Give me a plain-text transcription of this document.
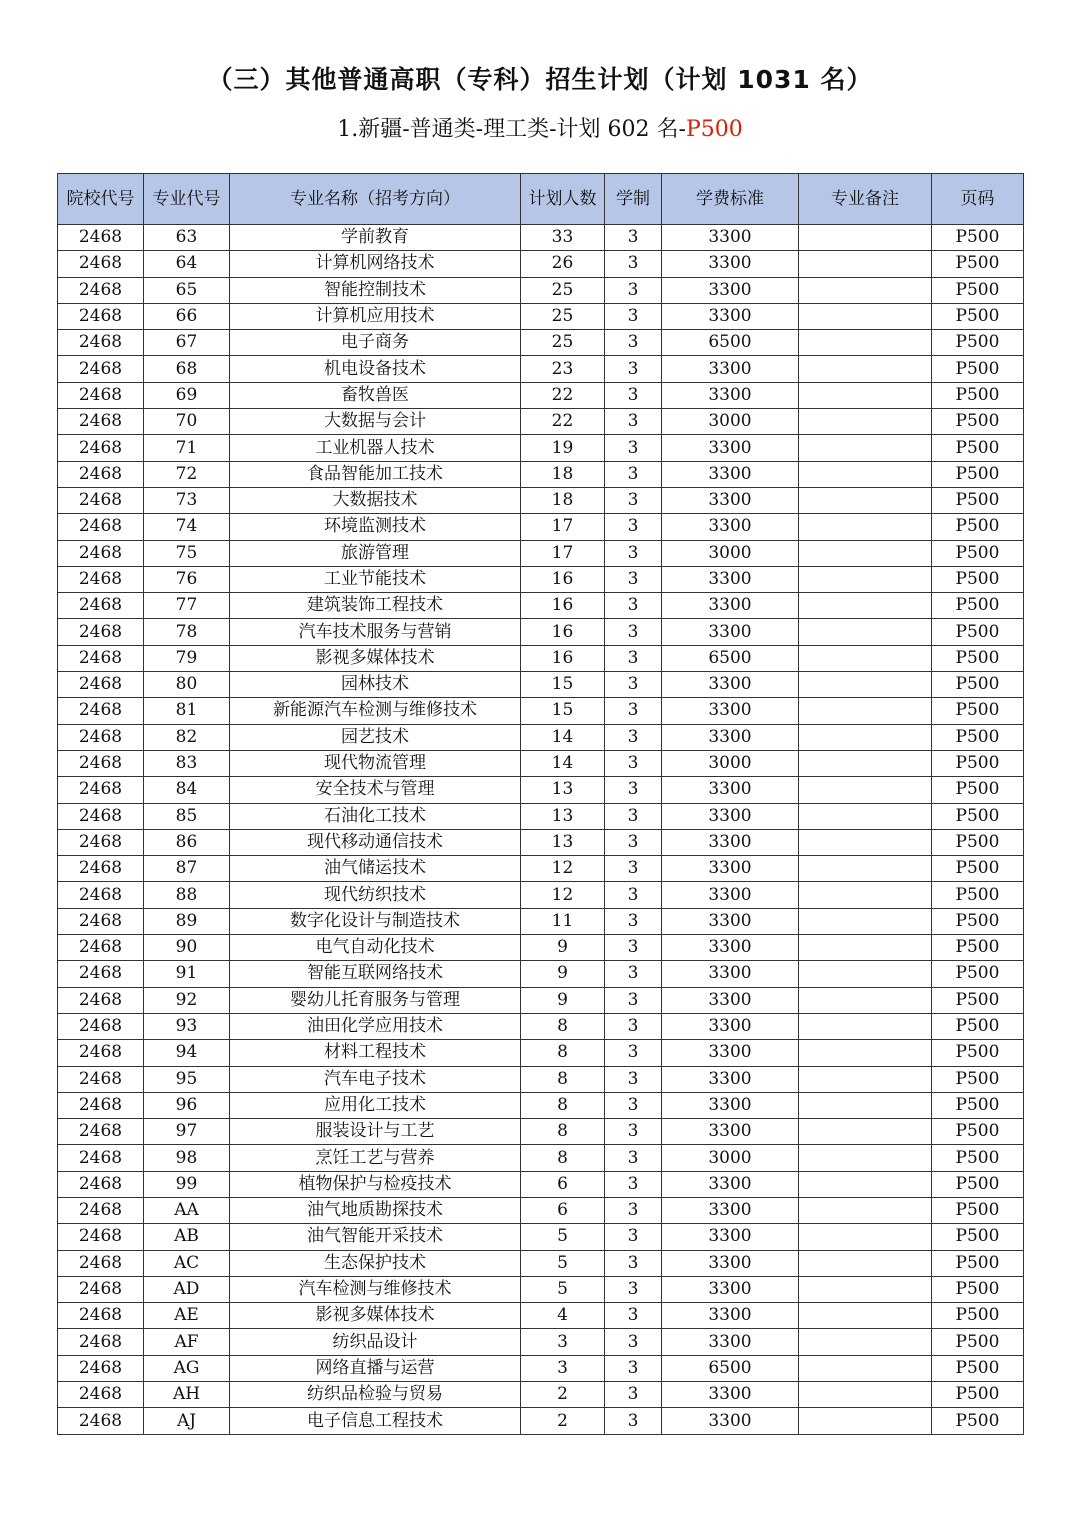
（三）其他普通高职（专科）招生计划（计划 1031 名）
1.新疆-普通类-理工类-计划 602 名-P500
院校代号	专业代号	专业名称（招考方向）	计划人数	学制	学费标准	专业备注	页码
2468	63	学前教育	33	3	3300		P500
2468	64	计算机网络技术	26	3	3300		P500
2468	65	智能控制技术	25	3	3300		P500
2468	66	计算机应用技术	25	3	3300		P500
2468	67	电子商务	25	3	6500		P500
2468	68	机电设备技术	23	3	3300		P500
2468	69	畜牧兽医	22	3	3300		P500
2468	70	大数据与会计	22	3	3000		P500
2468	71	工业机器人技术	19	3	3300		P500
2468	72	食品智能加工技术	18	3	3300		P500
2468	73	大数据技术	18	3	3300		P500
2468	74	环境监测技术	17	3	3300		P500
2468	75	旅游管理	17	3	3000		P500
2468	76	工业节能技术	16	3	3300		P500
2468	77	建筑装饰工程技术	16	3	3300		P500
2468	78	汽车技术服务与营销	16	3	3300		P500
2468	79	影视多媒体技术	16	3	6500		P500
2468	80	园林技术	15	3	3300		P500
2468	81	新能源汽车检测与维修技术	15	3	3300		P500
2468	82	园艺技术	14	3	3300		P500
2468	83	现代物流管理	14	3	3000		P500
2468	84	安全技术与管理	13	3	3300		P500
2468	85	石油化工技术	13	3	3300		P500
2468	86	现代移动通信技术	13	3	3300		P500
2468	87	油气储运技术	12	3	3300		P500
2468	88	现代纺织技术	12	3	3300		P500
2468	89	数字化设计与制造技术	11	3	3300		P500
2468	90	电气自动化技术	9	3	3300		P500
2468	91	智能互联网络技术	9	3	3300		P500
2468	92	婴幼儿托育服务与管理	9	3	3300		P500
2468	93	油田化学应用技术	8	3	3300		P500
2468	94	材料工程技术	8	3	3300		P500
2468	95	汽车电子技术	8	3	3300		P500
2468	96	应用化工技术	8	3	3300		P500
2468	97	服装设计与工艺	8	3	3300		P500
2468	98	烹饪工艺与营养	8	3	3000		P500
2468	99	植物保护与检疫技术	6	3	3300		P500
2468	AA	油气地质勘探技术	6	3	3300		P500
2468	AB	油气智能开采技术	5	3	3300		P500
2468	AC	生态保护技术	5	3	3300		P500
2468	AD	汽车检测与维修技术	5	3	3300		P500
2468	AE	影视多媒体技术	4	3	3300		P500
2468	AF	纺织品设计	3	3	3300		P500
2468	AG	网络直播与运营	3	3	6500		P500
2468	AH	纺织品检验与贸易	2	3	3300		P500
2468	AJ	电子信息工程技术	2	3	3300		P500
